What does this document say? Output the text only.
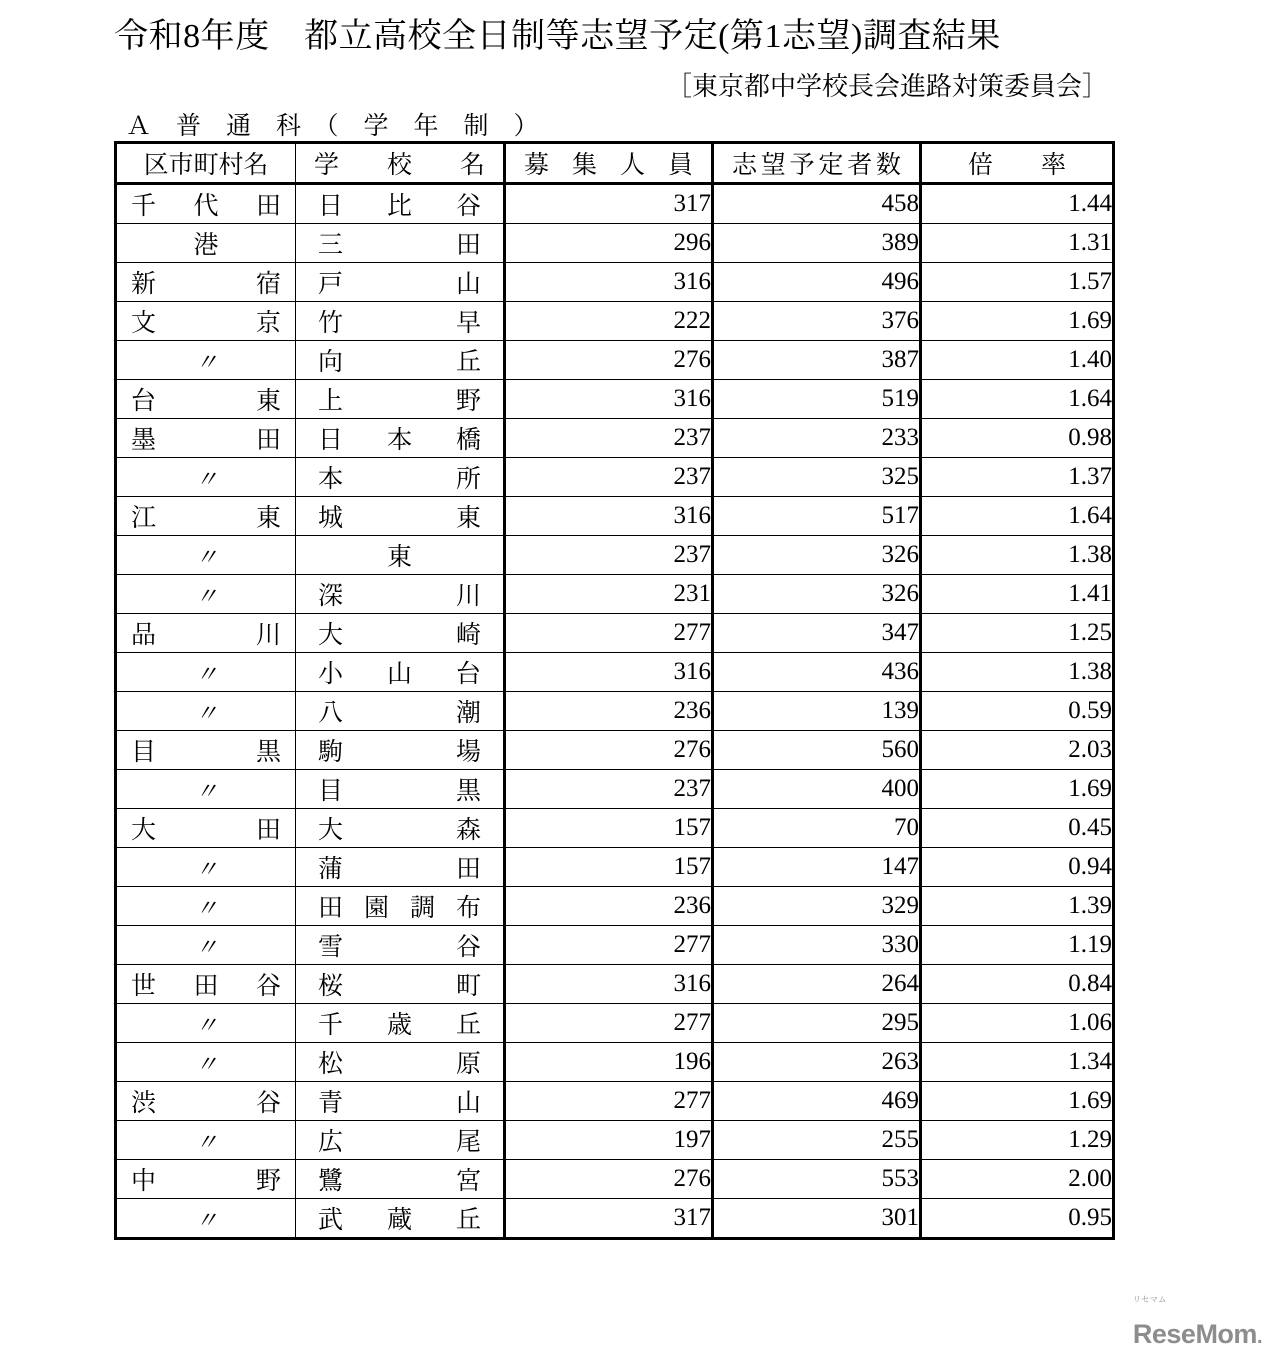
令和8年度　都立高校全日制等志望予定(第1志望)調査結果
［東京都中学校長会進路対策委員会］
Ａ　普　通　科　（　学　年　制　）
区市町村名	学　校　名	募集人員	志望予定者数	倍　率

千代田	日比谷	317	458	1.44

港	三田	296	389	1.31

新宿	戸山	316	496	1.57

文京	竹早	222	376	1.69

〃	向丘	276	387	1.40

台東	上野	316	519	1.64

墨田	日本橋	237	233	0.98

〃	本所	237	325	1.37

江東	城東	316	517	1.64

〃	東	237	326	1.38

〃	深川	231	326	1.41

品川	大崎	277	347	1.25

〃	小山台	316	436	1.38

〃	八潮	236	139	0.59

目黒	駒場	276	560	2.03

〃	目黒	237	400	1.69

大田	大森	157	70	0.45

〃	蒲田	157	147	0.94

〃	田園調布	236	329	1.39

〃	雪谷	277	330	1.19

世田谷	桜町	316	264	0.84

〃	千歳丘	277	295	1.06

〃	松原	196	263	1.34

渋谷	青山	277	469	1.69

〃	広尾	197	255	1.29

中野	鷺宮	276	553	2.00

〃	武蔵丘	317	301	0.95
$^{リセマム}$
ReseMom.
